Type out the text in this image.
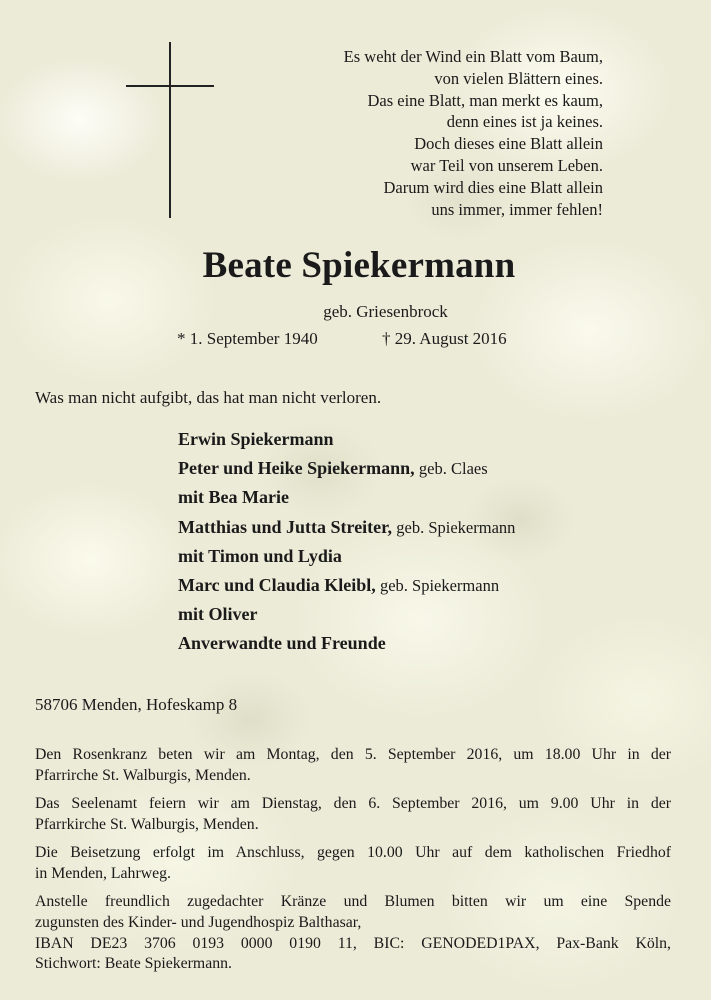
Es weht der Wind ein Blatt vom Baum,
von vielen Blättern eines.
Das eine Blatt, man merkt es kaum,
denn eines ist ja keines.
Doch dieses eine Blatt allein
war Teil von unserem Leben.
Darum wird dies eine Blatt allein
uns immer, immer fehlen!
Beate Spiekermann
geb. Griesenbrock
* 1. September 1940	† 29. August 2016
Was man nicht aufgibt, das hat man nicht verloren.
Erwin Spiekermann
Peter und Heike Spiekermann, geb. Claes
mit Bea Marie
Matthias und Jutta Streiter, geb. Spiekermann
mit Timon und Lydia
Marc und Claudia Kleibl, geb. Spiekermann
mit Oliver
Anverwandte und Freunde
58706 Menden, Hofeskamp 8
Den Rosenkranz beten wir am Montag, den 5. September 2016, um 18.00 Uhr in der
Pfarrirche St. Walburgis, Menden.
Das Seelenamt feiern wir am Dienstag, den 6. September 2016, um 9.00 Uhr in der
Pfarrkirche St. Walburgis, Menden.
Die Beisetzung erfolgt im Anschluss, gegen 10.00 Uhr auf dem katholischen Friedhof
in Menden, Lahrweg.
Anstelle freundlich zugedachter Kränze und Blumen bitten wir um eine Spende
zugunsten des Kinder- und Jugendhospiz Balthasar,
IBAN DE23 3706 0193 0000 0190 11, BIC: GENODED1PAX, Pax-Bank Köln,
Stichwort: Beate Spiekermann.
